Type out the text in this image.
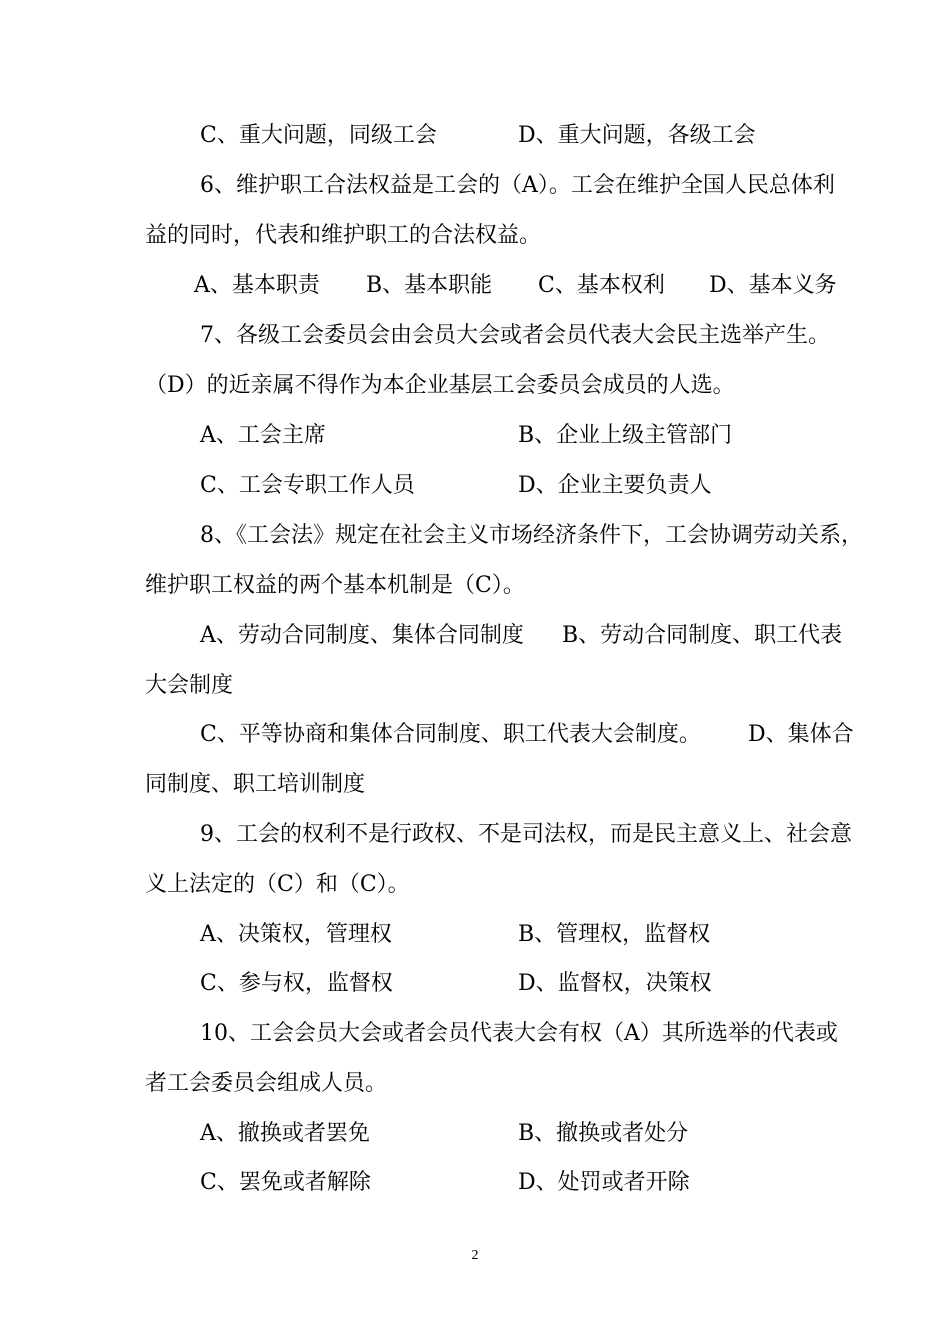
C、重大问题，同级工会	D、重大问题，各级工会
6、维护职工合法权益是工会的（A）。工会在维护全国人民总体利
益的同时，代表和维护职工的合法权益。
A、基本职责 B、基本职能 C、基本权利 D、基本义务
7、各级工会委员会由会员大会或者会员代表大会民主选举产生。
（D）的近亲属不得作为本企业基层工会委员会成员的人选。
A、工会主席	B、企业上级主管部门
C、工会专职工作人员	D、企业主要负责人
8、《工会法》规定在社会主义市场经济条件下，工会协调劳动关系，
维护职工权益的两个基本机制是（C）。
A、劳动合同制度、集体合同制度 B、劳动合同制度、职工代表
大会制度
C、平等协商和集体合同制度、职工代表大会制度。 D、集体合
同制度、职工培训制度
9、工会的权利不是行政权、不是司法权，而是民主意义上、社会意
义上法定的（C）和（C）。
A、决策权，管理权	B、管理权，监督权
C、参与权，监督权	D、监督权，决策权
10、工会会员大会或者会员代表大会有权（A）其所选举的代表或
者工会委员会组成人员。
A、撤换或者罢免	B、撤换或者处分
C、罢免或者解除	D、处罚或者开除
2
